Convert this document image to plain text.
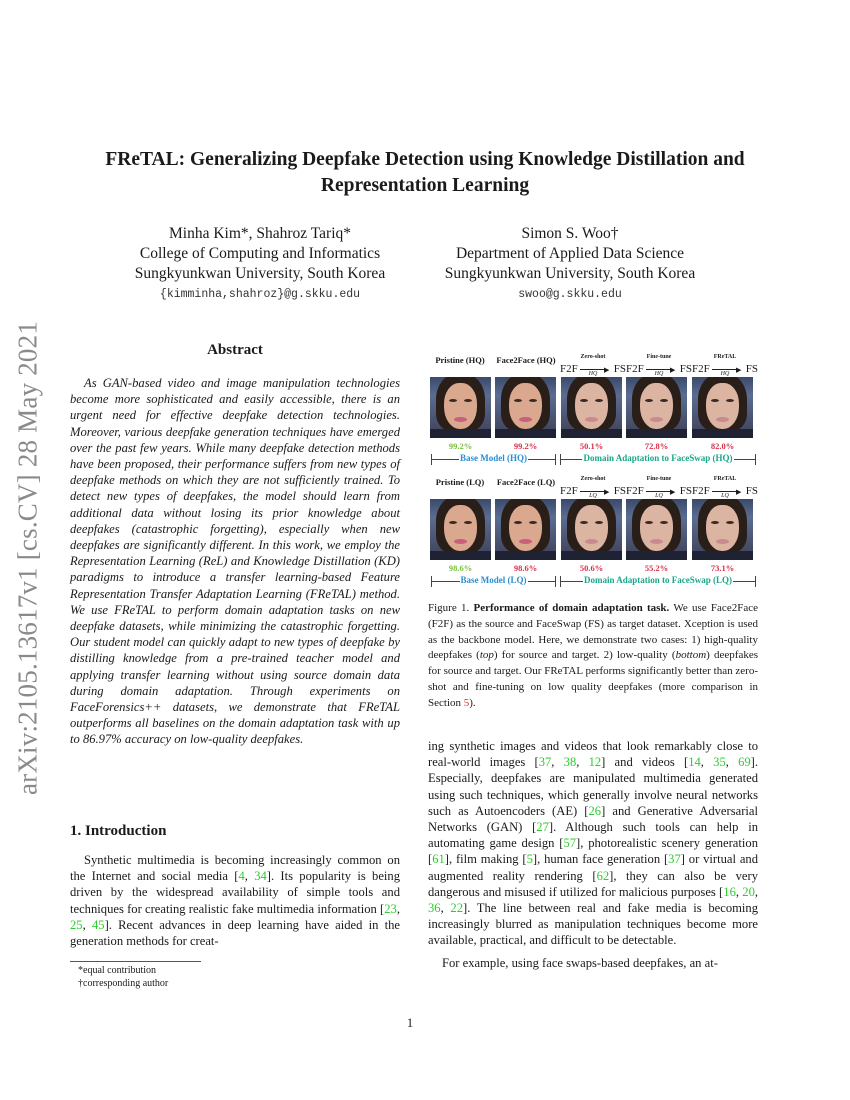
arXiv:2105.13617v1 [cs.CV] 28 May 2021
FReTAL: Generalizing Deepfake Detection using Knowledge Distillation and Representation Learning
Minha Kim*, Shahroz Tariq*
College of Computing and Informatics
Sungkyunkwan University, South Korea
{kimminha,shahroz}@g.skku.edu
Simon S. Woo†
Department of Applied Data Science
Sungkyunkwan University, South Korea
swoo@g.skku.edu
Abstract
As GAN-based video and image manipulation technologies become more sophisticated and easily accessible, there is an urgent need for effective deepfake detection technologies. Moreover, various deepfake generation techniques have emerged over the past few years. While many deepfake detection methods have been proposed, their performance suffers from new types of deepfake methods on which they are not sufficiently trained. To detect new types of deepfakes, the model should learn from additional data without losing its prior knowledge about deepfakes (catastrophic forgetting), especially when new deepfakes are significantly different. In this work, we employ the Representation Learning (ReL) and Knowledge Distillation (KD) paradigms to introduce a transfer learning-based Feature Representation Transfer Adaptation Learning (FReTAL) method. We use FReTAL to perform domain adaptation tasks on new deepfake datasets, while minimizing the catastrophic forgetting. Our student model can quickly adapt to new types of deepfake by distilling knowledge from a pre-trained teacher model and applying transfer learning without using source domain data during domain adaptation. Through experiments on FaceForensics++ datasets, we demonstrate that FReTAL outperforms all baselines on the domain adaptation task with up to 86.97% accuracy on low-quality deepfakes.
1. Introduction
Synthetic multimedia is becoming increasingly common on the Internet and social media [4, 34]. Its popularity is being driven by the widespread availability of simple tools and techniques for creating realistic fake multimedia information [23, 25, 45]. Recent advances in deep learning have aided in the generation methods for creat-
*equal contribution
†corresponding author
Pristine (HQ)	Face2Face (HQ)
F2F
Zero-shot
▶
HQ	FS F2F
Fine-tune
▶
HQ	FS F2F
FReTAL
▶
HQ	FS
99.2%	99.2%	50.1%	72.8%	82.0%
Base Model (HQ)	Domain Adaptation to FaceSwap (HQ)
Pristine (LQ)	Face2Face (LQ)
F2F
Zero-shot
▶
LQ	FS F2F
Fine-tune
▶
LQ	FS F2F
FReTAL
▶
LQ	FS
98.6%	98.6%	50.6%	55.2%	73.1%
Base Model (LQ)	Domain Adaptation to FaceSwap (LQ)
Figure 1. Performance of domain adaptation task. We use Face2Face (F2F) as the source and FaceSwap (FS) as target dataset. Xception is used as the backbone model. Here, we demonstrate two cases: 1) high-quality deepfakes (top) for source and target. 2) low-quality (bottom) deepfakes for source and target. Our FReTAL performs significantly better than zero-shot and fine-tuning on low quality deepfakes (more comparison in Section 5).

ing synthetic images and videos that look remarkably close to real-world images [37, 38, 12] and videos [14, 35, 69]. Especially, deepfakes are manipulated multimedia generated using such techniques, which generally involve neural networks such as Autoencoders (AE) [26] and Generative Adversarial Networks (GAN) [27]. Although such tools can help in automating game design [57], photorealistic scenery generation [61], film making [5], human face generation [37] or virtual and augmented reality rendering [62], they can also be very dangerous and misused if utilized for malicious purposes [16, 20, 36, 22]. The line between real and fake media is becoming increasingly blurred as manipulation techniques become more available, practical, and difficult to be detectable.

For example, using face swaps-based deepfakes, an at-

1
